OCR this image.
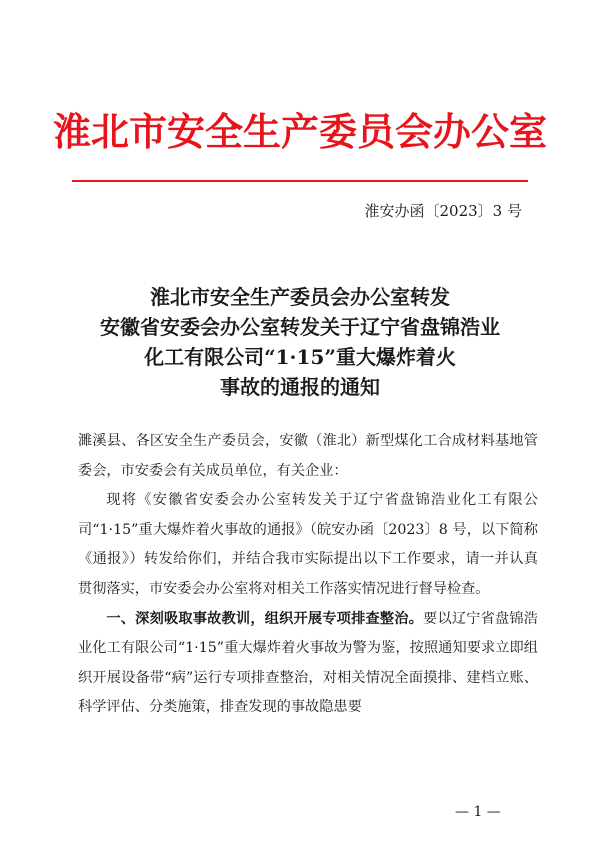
淮北市安全生产委员会办公室
淮安办函〔2023〕3 号
淮北市安全生产委员会办公室转发
安徽省安委会办公室转发关于辽宁省盘锦浩业
化工有限公司“1·15”重大爆炸着火
事故的通报的通知

濉溪县、各区安全生产委员会，安徽（淮北）新型煤化工合成材料基地管委会，市安委会有关成员单位，有关企业：

现将《安徽省安委会办公室转发关于辽宁省盘锦浩业化工有限公司“1·15”重大爆炸着火事故的通报》（皖安办函〔2023〕8 号，以下简称《通报》）转发给你们，并结合我市实际提出以下工作要求，请一并认真贯彻落实，市安委会办公室将对相关工作落实情况进行督导检查。

一、深刻吸取事故教训，组织开展专项排查整治。要以辽宁省盘锦浩业化工有限公司“1·15”重大爆炸着火事故为警为鉴，按照通知要求立即组织开展设备带“病”运行专项排查整治，对相关情况全面摸排、建档立账、科学评估、分类施策，排查发现的事故隐患要

— 1 —
